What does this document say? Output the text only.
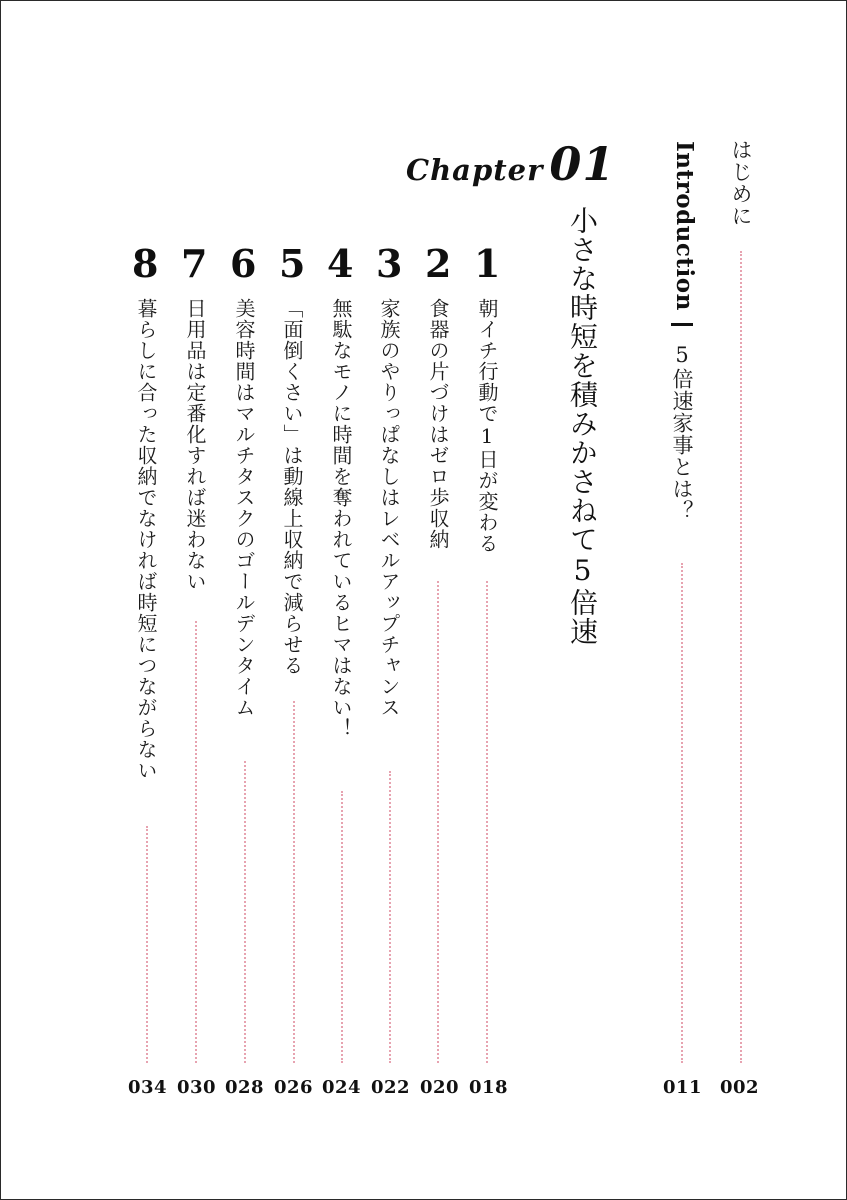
はじめに
002
Introduction
5倍速家事とは？
011
Chapter 01
小さな時短を積みかさねて5倍速
1
朝イチ行動で1日が変わる
018
2
食器の片づけはゼロ歩収納
020
3
家族のやりっぱなしはレベルアップチャンス
022
4
無駄なモノに時間を奪われているヒマはない！
024
5
「面倒くさい」は動線上収納で減らせる
026
6
美容時間はマルチタスクのゴールデンタイム
028
7
日用品は定番化すれば迷わない
030
8
暮らしに合った収納でなければ時短につながらない
034
